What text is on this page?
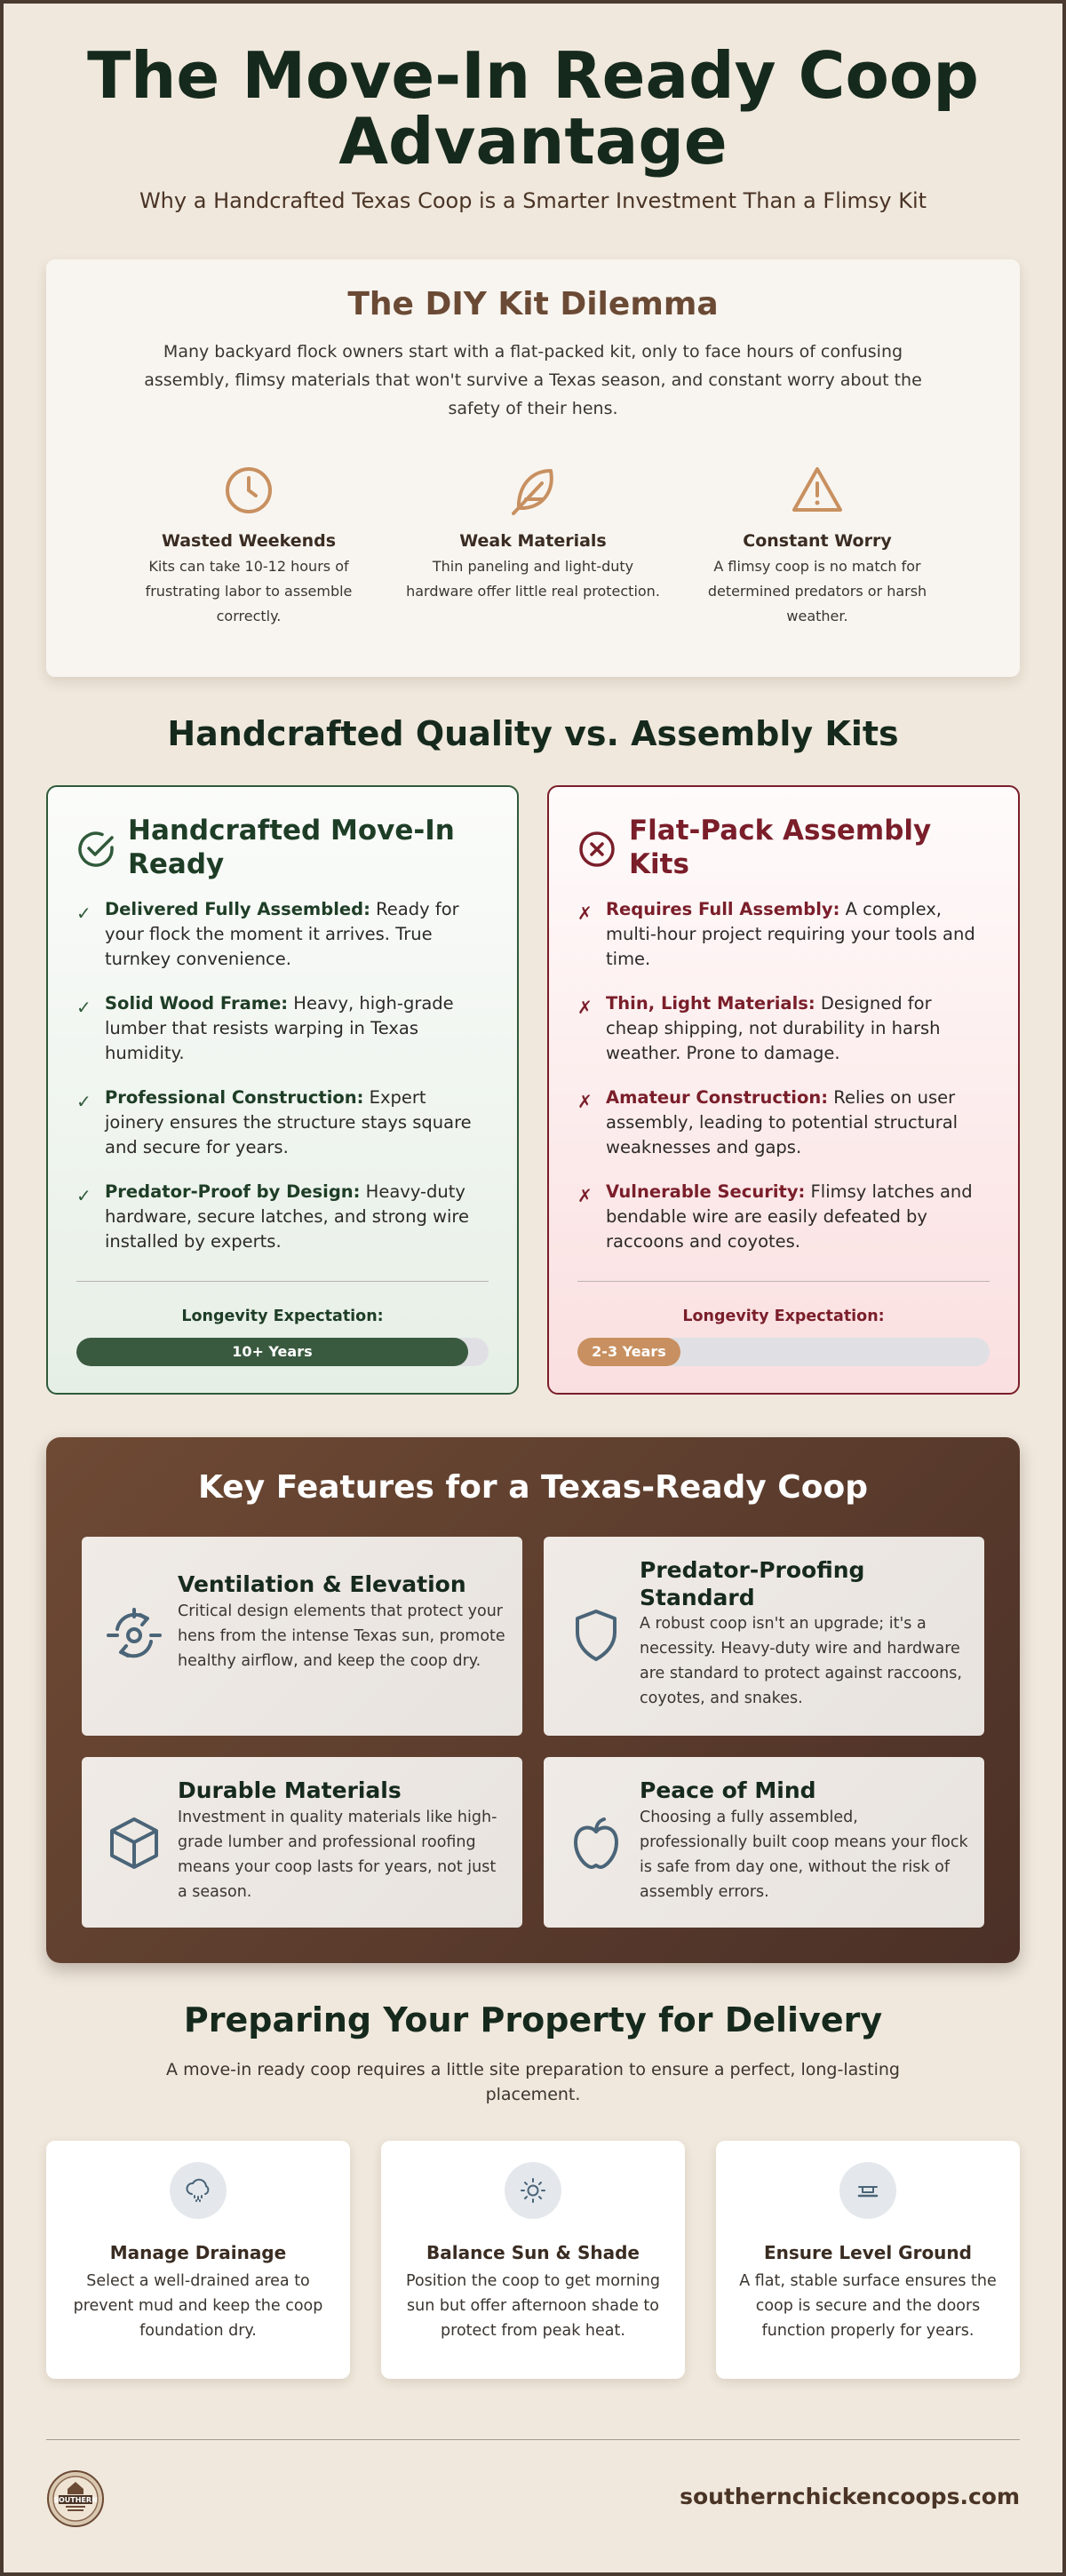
The Move-In Ready Coop
Advantage
Why a Handcrafted Texas Coop is a Smarter Investment Than a Flimsy Kit
The DIY Kit Dilemma

Many backyard flock owners start with a flat-packed kit, only to face hours of confusing assembly, flimsy materials that won't survive a Texas season, and constant worry about the safety of their hens.

Wasted Weekends
Kits can take 10-12 hours of frustrating labor to assemble correctly.
Weak Materials
Thin paneling and light-duty hardware offer little real protection.
Constant Worry
A flimsy coop is no match for determined predators or harsh weather.
Handcrafted Quality vs. Assembly Kits
Handcrafted Move-In Ready
✓ Delivered Fully Assembled: Ready for your flock the moment it arrives. True turnkey convenience.
✓ Solid Wood Frame: Heavy, high-grade lumber that resists warping in Texas humidity.
✓ Professional Construction: Expert joinery ensures the structure stays square and secure for years.
✓ Predator-Proof by Design: Heavy-duty hardware, secure latches, and strong wire installed by experts.
Longevity Expectation:
10+ Years
Flat-Pack Assembly Kits
✗ Requires Full Assembly: A complex, multi-hour project requiring your tools and time.
✗ Thin, Light Materials: Designed for cheap shipping, not durability in harsh weather. Prone to damage.
✗ Amateur Construction: Relies on user assembly, leading to potential structural weaknesses and gaps.
✗ Vulnerable Security: Flimsy latches and bendable wire are easily defeated by raccoons and coyotes.
Longevity Expectation:
2-3 Years
Key Features for a Texas-Ready Coop
Ventilation & Elevation
Critical design elements that protect your hens from the intense Texas sun, promote healthy airflow, and keep the coop dry.
Predator-Proofing Standard
A robust coop isn't an upgrade; it's a necessity. Heavy-duty wire and hardware are standard to protect against raccoons, coyotes, and snakes.
Durable Materials
Investment in quality materials like high-grade lumber and professional roofing means your coop lasts for years, not just a season.
Peace of Mind
Choosing a fully assembled, professionally built coop means your flock is safe from day one, without the risk of assembly errors.
Preparing Your Property for Delivery

A move-in ready coop requires a little site preparation to ensure a perfect, long-lasting placement.

Manage Drainage
Select a well-drained area to prevent mud and keep the coop foundation dry.
Balance Sun & Shade
Position the coop to get morning sun but offer afternoon shade to protect from peak heat.
Ensure Level Ground
A flat, stable surface ensures the coop is secure and the doors function properly for years.
SOUTHERN	southernchickencoops.com
